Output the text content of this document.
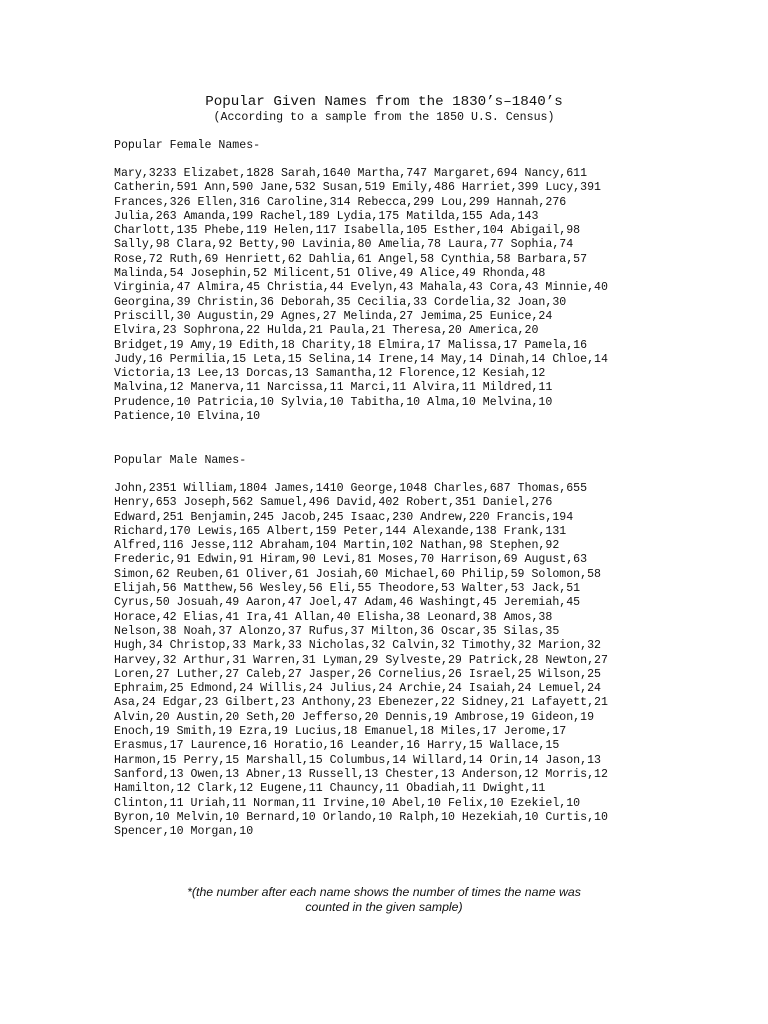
Popular Given Names from the 1830’s–1840’s
(According to a sample from the 1850 U.S. Census)
Popular Female Names-
Mary,3233 Elizabet,1828 Sarah,1640 Martha,747 Margaret,694 Nancy,611
Catherin,591 Ann,590 Jane,532 Susan,519 Emily,486 Harriet,399 Lucy,391
Frances,326 Ellen,316 Caroline,314 Rebecca,299 Lou,299 Hannah,276
Julia,263 Amanda,199 Rachel,189 Lydia,175 Matilda,155 Ada,143
Charlott,135 Phebe,119 Helen,117 Isabella,105 Esther,104 Abigail,98
Sally,98 Clara,92 Betty,90 Lavinia,80 Amelia,78 Laura,77 Sophia,74
Rose,72 Ruth,69 Henriett,62 Dahlia,61 Angel,58 Cynthia,58 Barbara,57
Malinda,54 Josephin,52 Milicent,51 Olive,49 Alice,49 Rhonda,48
Virginia,47 Almira,45 Christia,44 Evelyn,43 Mahala,43 Cora,43 Minnie,40
Georgina,39 Christin,36 Deborah,35 Cecilia,33 Cordelia,32 Joan,30
Priscill,30 Augustin,29 Agnes,27 Melinda,27 Jemima,25 Eunice,24
Elvira,23 Sophrona,22 Hulda,21 Paula,21 Theresa,20 America,20
Bridget,19 Amy,19 Edith,18 Charity,18 Elmira,17 Malissa,17 Pamela,16
Judy,16 Permilia,15 Leta,15 Selina,14 Irene,14 May,14 Dinah,14 Chloe,14
Victoria,13 Lee,13 Dorcas,13 Samantha,12 Florence,12 Kesiah,12
Malvina,12 Manerva,11 Narcissa,11 Marci,11 Alvira,11 Mildred,11
Prudence,10 Patricia,10 Sylvia,10 Tabitha,10 Alma,10 Melvina,10
Patience,10 Elvina,10
Popular Male Names-
John,2351 William,1804 James,1410 George,1048 Charles,687 Thomas,655
Henry,653 Joseph,562 Samuel,496 David,402 Robert,351 Daniel,276
Edward,251 Benjamin,245 Jacob,245 Isaac,230 Andrew,220 Francis,194
Richard,170 Lewis,165 Albert,159 Peter,144 Alexande,138 Frank,131
Alfred,116 Jesse,112 Abraham,104 Martin,102 Nathan,98 Stephen,92
Frederic,91 Edwin,91 Hiram,90 Levi,81 Moses,70 Harrison,69 August,63
Simon,62 Reuben,61 Oliver,61 Josiah,60 Michael,60 Philip,59 Solomon,58
Elijah,56 Matthew,56 Wesley,56 Eli,55 Theodore,53 Walter,53 Jack,51
Cyrus,50 Josuah,49 Aaron,47 Joel,47 Adam,46 Washingt,45 Jeremiah,45
Horace,42 Elias,41 Ira,41 Allan,40 Elisha,38 Leonard,38 Amos,38
Nelson,38 Noah,37 Alonzo,37 Rufus,37 Milton,36 Oscar,35 Silas,35
Hugh,34 Christop,33 Mark,33 Nicholas,32 Calvin,32 Timothy,32 Marion,32
Harvey,32 Arthur,31 Warren,31 Lyman,29 Sylveste,29 Patrick,28 Newton,27
Loren,27 Luther,27 Caleb,27 Jasper,26 Cornelius,26 Israel,25 Wilson,25
Ephraim,25 Edmond,24 Willis,24 Julius,24 Archie,24 Isaiah,24 Lemuel,24
Asa,24 Edgar,23 Gilbert,23 Anthony,23 Ebenezer,22 Sidney,21 Lafayett,21
Alvin,20 Austin,20 Seth,20 Jefferso,20 Dennis,19 Ambrose,19 Gideon,19
Enoch,19 Smith,19 Ezra,19 Lucius,18 Emanuel,18 Miles,17 Jerome,17
Erasmus,17 Laurence,16 Horatio,16 Leander,16 Harry,15 Wallace,15
Harmon,15 Perry,15 Marshall,15 Columbus,14 Willard,14 Orin,14 Jason,13
Sanford,13 Owen,13 Abner,13 Russell,13 Chester,13 Anderson,12 Morris,12
Hamilton,12 Clark,12 Eugene,11 Chauncy,11 Obadiah,11 Dwight,11
Clinton,11 Uriah,11 Norman,11 Irvine,10 Abel,10 Felix,10 Ezekiel,10
Byron,10 Melvin,10 Bernard,10 Orlando,10 Ralph,10 Hezekiah,10 Curtis,10
Spencer,10 Morgan,10
*(the number after each name shows the number of times the name was
counted in the given sample)
